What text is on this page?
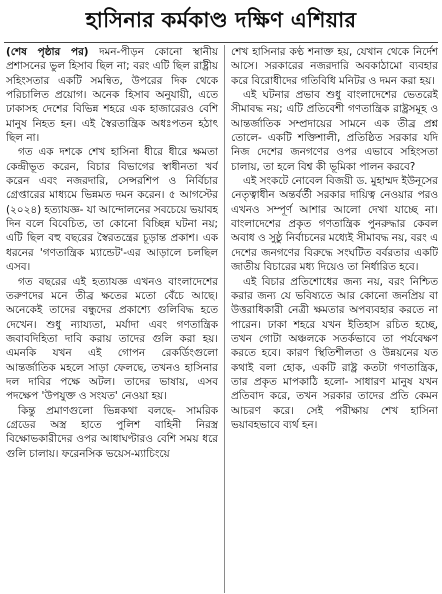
হাসিনার কর্মকাণ্ড দক্ষিণ এশিয়ার

(শেষ পৃষ্ঠার পর) দমন-পীড়ন কোনো স্থানীয় প্রশাসনের ভুল হিসাব ছিল না; বরং এটি ছিল রাষ্ট্রীয় সহিংসতার একটি সমন্বিত, উপরের দিক থেকে পরিচালিত প্রয়োগ। অনেক হিসাব অনুযায়ী, এতে ঢাকাসহ দেশের বিভিন্ন শহরে এক হাজারেরও বেশি মানুষ নিহত হন। এই স্বৈরতান্ত্রিক অধঃপতন হঠাৎ ছিল না।

গত এক দশকে শেখ হাসিনা ধীরে ধীরে ক্ষমতা কেন্দ্রীভূত করেন, বিচার বিভাগের স্বাধীনতা খর্ব করেন এবং নজরদারি, সেন্সরশিপ ও নির্বিচার গ্রেপ্তারের মাধ্যমে ভিন্নমত দমন করেন। ৫ আগস্টের (২০২৪) হত্যাযজ্ঞ- যা আন্দোলনের সবচেয়ে ভয়াবহ দিন বলে বিবেচিত, তা কোনো বিচ্ছিন্ন ঘটনা নয়; এটি ছিল বহু বছরের স্বৈরতন্ত্রের চূড়ান্ত প্রকাশ। এক ধরনের 'গণতান্ত্রিক ম্যান্ডেট'-এর আড়ালে চলছিল এসব।

গত বছরের এই হত্যাযজ্ঞ এখনও বাংলাদেশের তরুণদের মনে তীব্র ক্ষতের মতো বেঁচে আছে। অনেকেই তাদের বন্ধুদের প্রকাশ্যে গুলিবিদ্ধ হতে দেখেন। শুধু ন্যায্যতা, মর্যাদা এবং গণতান্ত্রিক জবাবদিহিতা দাবি করায় তাদের গুলি করা হয়। এমনকি যখন এই গোপন রেকর্ডিংগুলো আন্তর্জাতিক মহলে সাড়া ফেলছে, তখনও হাসিনার দল দাবির পক্ষে অটল। তাদের ভাষায়, এসব পদক্ষেপ 'উপযুক্ত ও সংযত' নেওয়া হয়।

কিন্তু প্রমাণগুলো ভিন্নকথা বলছে- সামরিক গ্রেডের অস্ত্র হাতে পুলিশ বাহিনী নিরস্ত্র বিক্ষোভকারীদের ওপর আধাঘণ্টারও বেশি সময় ধরে গুলি চালায়। ফরেনসিক ভয়েস-ম্যাচিংয়ে

শেখ হাসিনার কণ্ঠ শনাক্ত হয়, যেখান থেকে নির্দেশ আসে। সরকারের নজরদারি অবকাঠামো ব্যবহার করে বিরোধীদের গতিবিধি মনিটর ও দমন করা হয়।

এই ঘটনার প্রভাব শুধু বাংলাদেশের ভেতরেই সীমাবদ্ধ নয়; এটি প্রতিবেশী গণতান্ত্রিক রাষ্ট্রসমূহ ও আন্তর্জাতিক সম্প্রদায়ের সামনে এক তীব্র প্রশ্ন তোলে- একটি শক্তিশালী, প্রতিষ্ঠিত সরকার যদি নিজ দেশের জনগণের ওপর এভাবে সহিংসতা চালায়, তা হলে বিশ্ব কী ভূমিকা পালন করবে?

এই সংকটে নোবেল বিজয়ী ড. মুহাম্মদ ইউনূসের নেতৃত্বাধীন অন্তর্বর্তী সরকার দায়িত্ব নেওয়ার পরও এখনও সম্পূর্ণ আশার আলো দেখা যাচ্ছে না। বাংলাদেশের প্রকৃত গণতান্ত্রিক পুনরুদ্ধার কেবল অবাধ ও সুষ্ঠু নির্বাচনের মধ্যেই সীমাবদ্ধ নয়, বরং এ দেশের জনগণের বিরুদ্ধে সংঘটিত বর্বরতার একটি জাতীয় বিচারের মধ্য দিয়েও তা নির্ধারিত হবে।

এই বিচার প্রতিশোধের জন্য নয়, বরং নিশ্চিত করার জন্য যে ভবিষ্যতে আর কোনো জনপ্রিয় বা উত্তরাধিকারী নেত্রী ক্ষমতার অপব্যবহার করতে না পারেন। ঢাকা শহরে যখন ইতিহাস রচিত হচ্ছে, তখন গোটা অঞ্চলকে সতর্কভাবে তা পর্যবেক্ষণ করতে হবে। কারণ স্থিতিশীলতা ও উন্নয়নের যত কথাই বলা হোক, একটি রাষ্ট্র কতটা গণতান্ত্রিক, তার প্রকৃত মাপকাঠি হলো- সাধারণ মানুষ যখন প্রতিবাদ করে, তখন সরকার তাদের প্রতি কেমন আচরণ করে। সেই পরীক্ষায় শেখ হাসিনা ভয়াবহভাবে ব্যর্থ হন।
